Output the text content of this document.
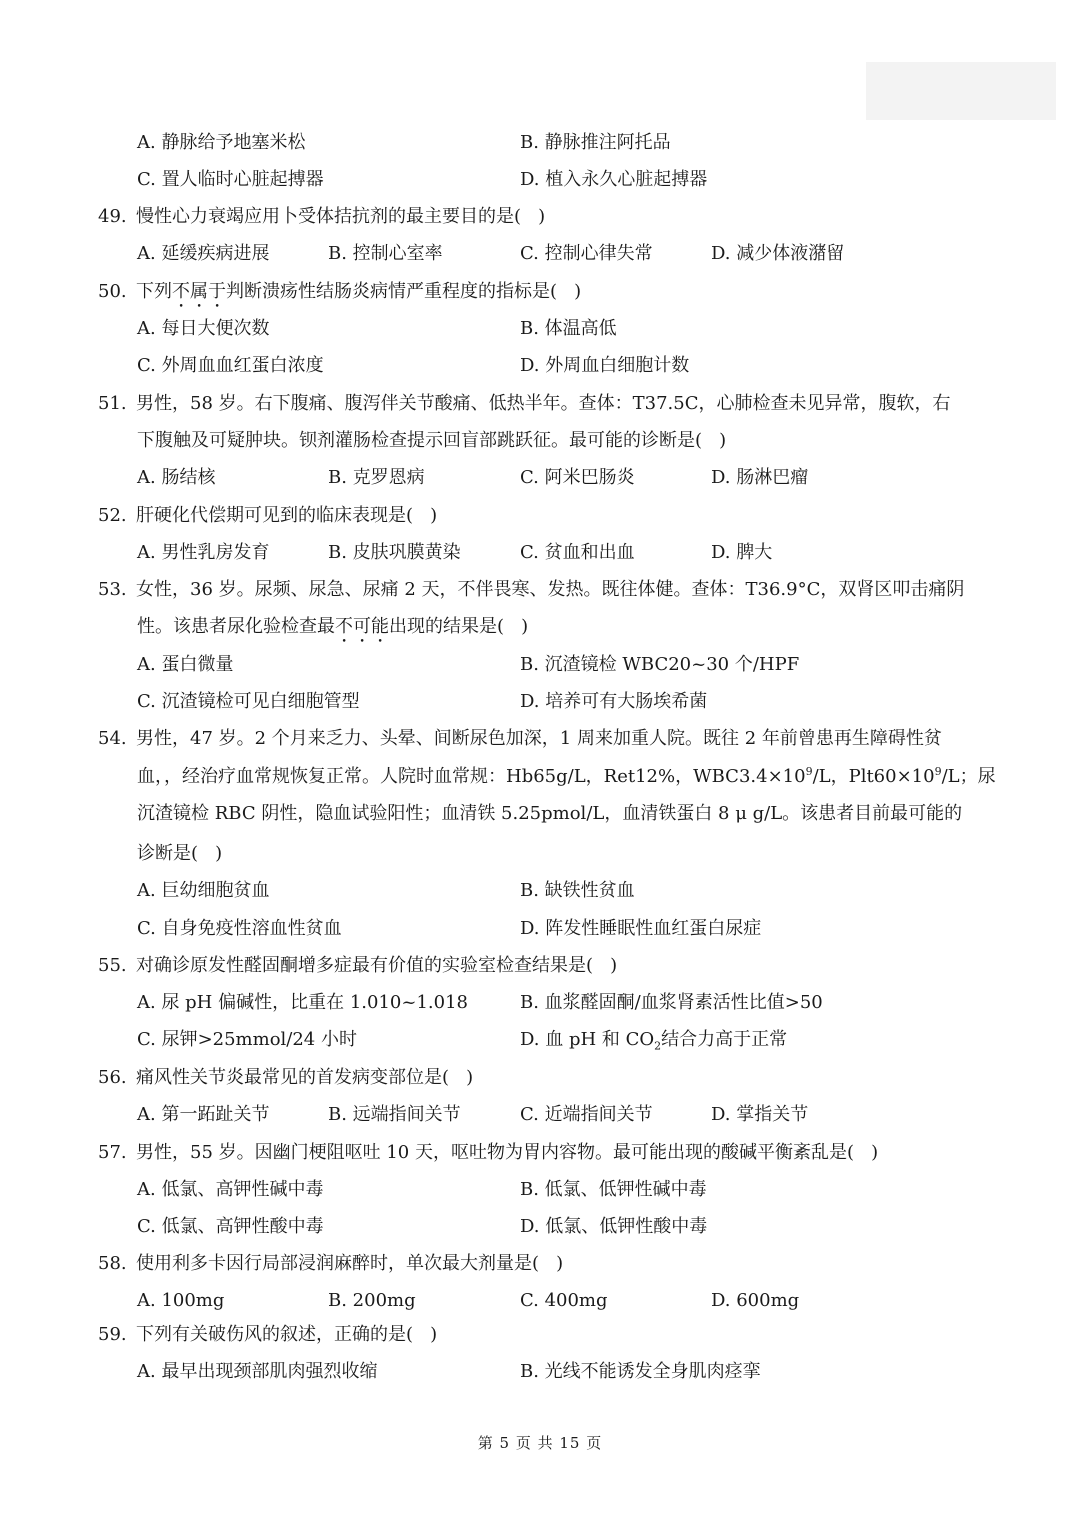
A. 静脉给予地塞米松	B. 静脉推注阿托品
C. 置人临时心脏起搏器	D. 植入永久心脏起搏器
49. 慢性心力衰竭应用卜受体拮抗剂的最主要目的是(   )
A. 延缓疾病进展	B. 控制心室率	C. 控制心律失常	D. 减少体液潴留
50. 下列不属于判断溃疡性结肠炎病情严重程度的指标是(   )
A. 每日大便次数	B. 体温高低
C. 外周血血红蛋白浓度	D. 外周血白细胞计数
51. 男性，58 岁。右下腹痛、腹泻伴关节酸痛、低热半年。查体：T37.5C，心肺检查未见异常，腹软，右
下腹触及可疑肿块。钡剂灌肠检查提示回盲部跳跃征。最可能的诊断是(   )
A. 肠结核	B. 克罗恩病	C. 阿米巴肠炎	D. 肠淋巴瘤
52. 肝硬化代偿期可见到的临床表现是(   )
A. 男性乳房发育	B. 皮肤巩膜黄染	C. 贫血和出血	D. 脾大
53. 女性，36 岁。尿频、尿急、尿痛 2 天，不伴畏寒、发热。既往体健。查体：T36.9°C，双肾区叩击痛阴
性。该患者尿化验检查最不可能出现的结果是(   )
A. 蛋白微量	B. 沉渣镜检 WBC20~30 个/HPF
C. 沉渣镜检可见白细胞管型	D. 培养可有大肠埃希菌
54. 男性，47 岁。2 个月来乏力、头晕、间断尿色加深，1 周来加重人院。既往 2 年前曾患再生障碍性贫
血，，经治疗血常规恢复正常。人院时血常规：Hb65g/L，Ret12%，$WBC3.4\times 10^9/L$，$Plt60\times 10^9/L$；尿
沉渣镜检 RBC 阴性，隐血试验阳性；血清铁 5.25pmol/L，血清铁蛋白 8 μ g/L。该患者目前最可能的
诊断是(   )
A. 巨幼细胞贫血	B. 缺铁性贫血
C. 自身免疫性溶血性贫血	D. 阵发性睡眠性血红蛋白尿症
55. 对确诊原发性醛固酮增多症最有价值的实验室检查结果是(   )
A. 尿 pH 偏碱性，比重在 1.010~1.018	B. 血浆醛固酮/血浆肾素活性比值>50
C. 尿钾>25mmol/24 小时	D. 血 pH 和 $CO_2$结合力高于正常
56. 痛风性关节炎最常见的首发病变部位是(   )
A. 第一跖趾关节	B. 远端指间关节	C. 近端指间关节	D. 掌指关节
57. 男性，55 岁。因幽门梗阻呕吐 10 天，呕吐物为胃内容物。最可能出现的酸碱平衡紊乱是(   )
A. 低氯、高钾性碱中毒	B. 低氯、低钾性碱中毒
C. 低氯、高钾性酸中毒	D. 低氯、低钾性酸中毒
58. 使用利多卡因行局部浸润麻醉时，单次最大剂量是(   )
A. 100mg	B. 200mg	C. 400mg	D. 600mg
59. 下列有关破伤风的叙述，正确的是(   )
A. 最早出现颈部肌肉强烈收缩	B. 光线不能诱发全身肌肉痉挛
第 5 页 共 15 页
